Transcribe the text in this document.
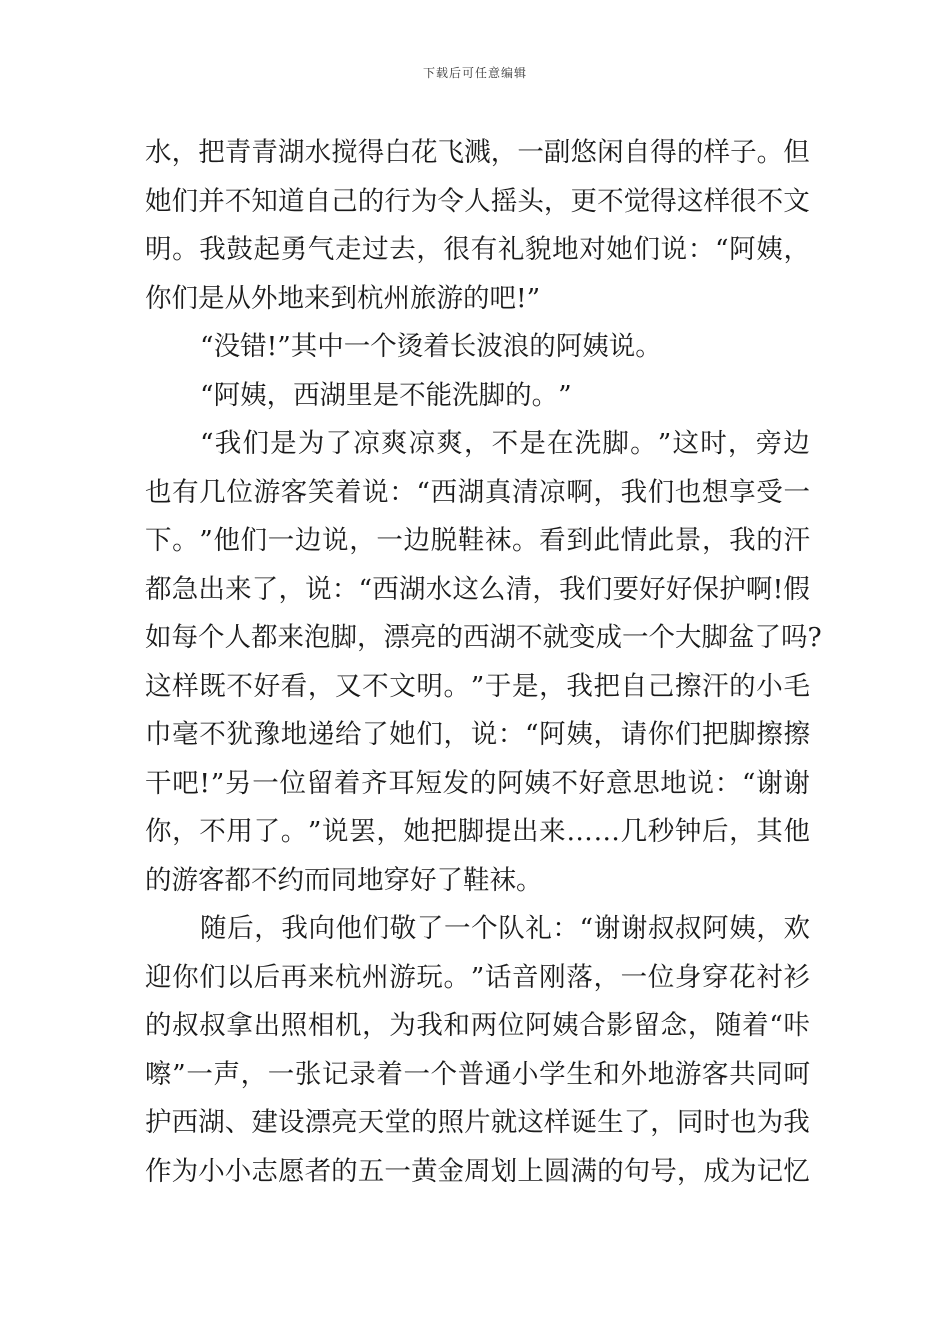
下载后可任意编辑
水 ， 把 青 青 湖 水 搅 得 白 花 飞 溅 ， 一 副 悠 闲 自 得 的 样 子 。 但
她 们 并 不 知 道 自 己 的 行 为 令 人 摇 头 ， 更 不 觉 得 这 样 很 不 文
明 。 我 鼓 起 勇 气 走 过 去 ， 很 有 礼 貌 地 对 她 们 说 ： “ 阿 姨 ，
你 们 是 从 外 地 来 到 杭 州 旅 游 的 吧 ! ”
“ 没 错 ! ” 其 中 一 个 烫 着 长 波 浪 的 阿 姨 说 。
“ 阿 姨 ， 西 湖 里 是 不 能 洗 脚 的 。 ”
“ 我 们 是 为 了 凉 爽 凉 爽 ， 不 是 在 洗 脚 。 ” 这 时 ， 旁 边
也 有 几 位 游 客 笑 着 说 ： “ 西 湖 真 清 凉 啊 ， 我 们 也 想 享 受 一
下 。 ” 他 们 一 边 说 ， 一 边 脱 鞋 袜 。 看 到 此 情 此 景 ， 我 的 汗
都 急 出 来 了 ， 说 ： “ 西 湖 水 这 么 清 ， 我 们 要 好 好 保 护 啊 ! 假
如 每 个 人 都 来 泡 脚 ， 漂 亮 的 西 湖 不 就 变 成 一 个 大 脚 盆 了 吗 ?
这 样 既 不 好 看 ， 又 不 文 明 。 ” 于 是 ， 我 把 自 己 擦 汗 的 小 毛
巾 毫 不 犹 豫 地 递 给 了 她 们 ， 说 ： “ 阿 姨 ， 请 你 们 把 脚 擦 擦
干 吧 ! ” 另 一 位 留 着 齐 耳 短 发 的 阿 姨 不 好 意 思 地 说 ： “ 谢 谢
你 ， 不 用 了 。 ” 说 罢 ， 她 把 脚 提 出 来 … … 几 秒 钟 后 ， 其 他
的 游 客 都 不 约 而 同 地 穿 好 了 鞋 袜 。
随 后 ， 我 向 他 们 敬 了 一 个 队 礼 ： “ 谢 谢 叔 叔 阿 姨 ， 欢
迎 你 们 以 后 再 来 杭 州 游 玩 。 ” 话 音 刚 落 ， 一 位 身 穿 花 衬 衫
的 叔 叔 拿 出 照 相 机 ， 为 我 和 两 位 阿 姨 合 影 留 念 ， 随 着 “ 咔
嚓 ” 一 声 ， 一 张 记 录 着 一 个 普 通 小 学 生 和 外 地 游 客 共 同 呵
护 西 湖 、 建 设 漂 亮 天 堂 的 照 片 就 这 样 诞 生 了 ， 同 时 也 为 我
作 为 小 小 志 愿 者 的 五 一 黄 金 周 划 上 圆 满 的 句 号 ， 成 为 记 忆
